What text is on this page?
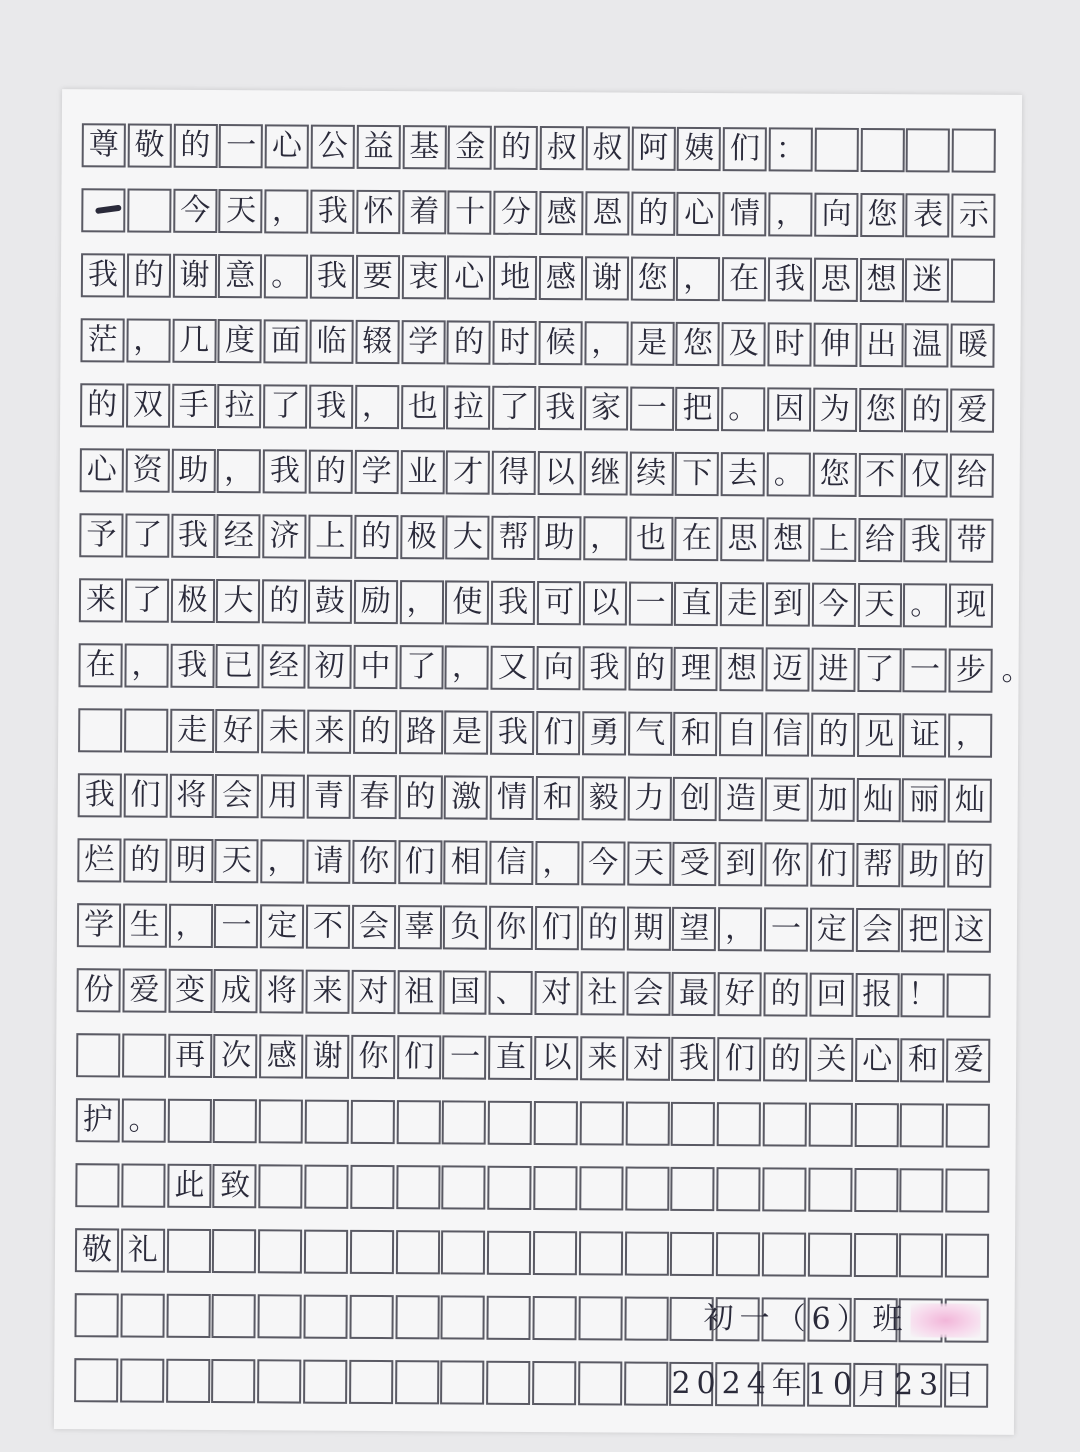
尊敬的一心公益基金的叔叔阿姨们：
今天，我怀着十分感恩的心情，向您表示
我的谢意。我要衷心地感谢您，在我思想迷
茫，几度面临辍学的时候，是您及时伸出温暖
的双手拉了我，也拉了我家一把。因为您的爱
心资助，我的学业才得以继续下去。您不仅给
予了我经济上的极大帮助，也在思想上给我带
来了极大的鼓励，使我可以一直走到今天。现
在，我已经初中了，又向我的理想迈进了一步。
走好未来的路是我们勇气和自信的见证，
我们将会用青春的激情和毅力创造更加灿丽灿
烂的明天，请你们相信，今天受到你们帮助的
学生，一定不会辜负你们的期望，一定会把这
份爱变成将来对祖国、对社会最好的回报！
再次感谢你们一直以来对我们的关心和爱
护。
此致
敬礼
初一（6）班
2024年10月23日
